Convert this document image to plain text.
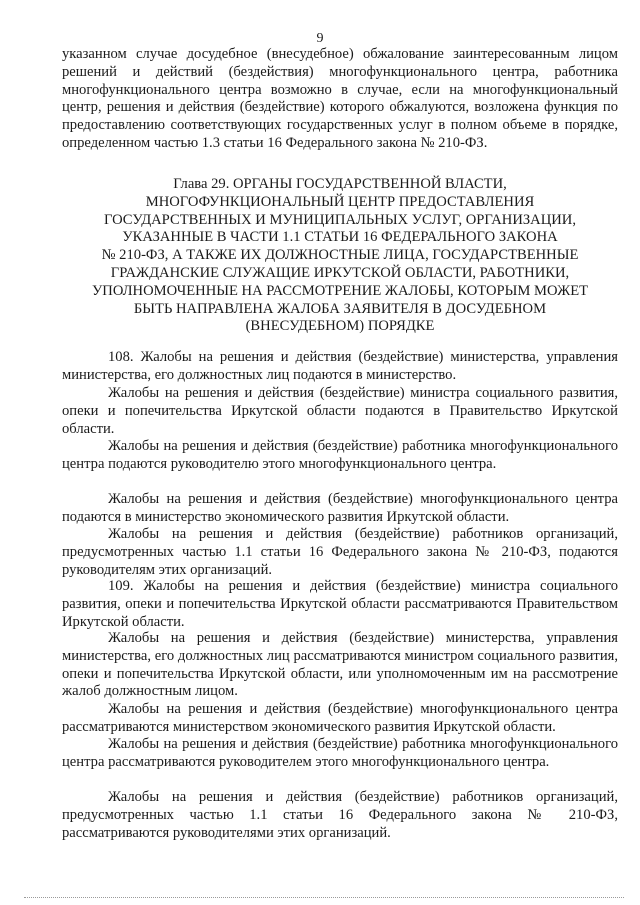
9

указанном случае досудебное (внесудебное) обжалование заинтересованным лицом решений и действий (бездействия) многофункционального центра, работника многофункционального центра возможно в случае, если на многофункциональный центр, решения и действия (бездействие) которого обжалуются, возложена функция по предоставлению соответствующих государственных услуг в полном объеме в порядке, определенном частью 1.3 статьи 16 Федерального закона № 210-ФЗ.

Глава 29. ОРГАНЫ ГОСУДАРСТВЕННОЙ ВЛАСТИ,
МНОГОФУНКЦИОНАЛЬНЫЙ ЦЕНТР ПРЕДОСТАВЛЕНИЯ
ГОСУДАРСТВЕННЫХ И МУНИЦИПАЛЬНЫХ УСЛУГ, ОРГАНИЗАЦИИ,
УКАЗАННЫЕ В ЧАСТИ 1.1 СТАТЬИ 16 ФЕДЕРАЛЬНОГО ЗАКОНА
№ 210-ФЗ, А ТАКЖЕ ИХ ДОЛЖНОСТНЫЕ ЛИЦА, ГОСУДАРСТВЕННЫЕ
ГРАЖДАНСКИЕ СЛУЖАЩИЕ ИРКУТСКОЙ ОБЛАСТИ, РАБОТНИКИ,
УПОЛНОМОЧЕННЫЕ НА РАССМОТРЕНИЕ ЖАЛОБЫ, КОТОРЫМ МОЖЕТ
БЫТЬ НАПРАВЛЕНА ЖАЛОБА ЗАЯВИТЕЛЯ В ДОСУДЕБНОМ
(ВНЕСУДЕБНОМ) ПОРЯДКЕ

108. Жалобы на решения и действия (бездействие) министерства, управления министерства, его должностных лиц подаются в министерство.

Жалобы на решения и действия (бездействие) министра социального развития, опеки и попечительства Иркутской области подаются в Правительство Иркутской области.

Жалобы на решения и действия (бездействие) работника многофункционального центра подаются руководителю этого многофункционального центра.

Жалобы на решения и действия (бездействие) многофункционального центра подаются в министерство экономического развития Иркутской области.

Жалобы на решения и действия (бездействие) работников организаций, предусмотренных частью 1.1 статьи 16 Федерального закона № 210-ФЗ, подаются руководителям этих организаций.

109. Жалобы на решения и действия (бездействие) министра социального развития, опеки и попечительства Иркутской области рассматриваются Правительством Иркутской области.

Жалобы на решения и действия (бездействие) министерства, управления министерства, его должностных лиц рассматриваются министром социального развития, опеки и попечительства Иркутской области, или уполномоченным им на рассмотрение жалоб должностным лицом.

Жалобы на решения и действия (бездействие) многофункционального центра рассматриваются министерством экономического развития Иркутской области.

Жалобы на решения и действия (бездействие) работника многофункционального центра рассматриваются руководителем этого многофункционального центра.

Жалобы на решения и действия (бездействие) работников организаций, предусмотренных частью 1.1 статьи 16 Федерального закона № 210-ФЗ, рассматриваются руководителями этих организаций.
